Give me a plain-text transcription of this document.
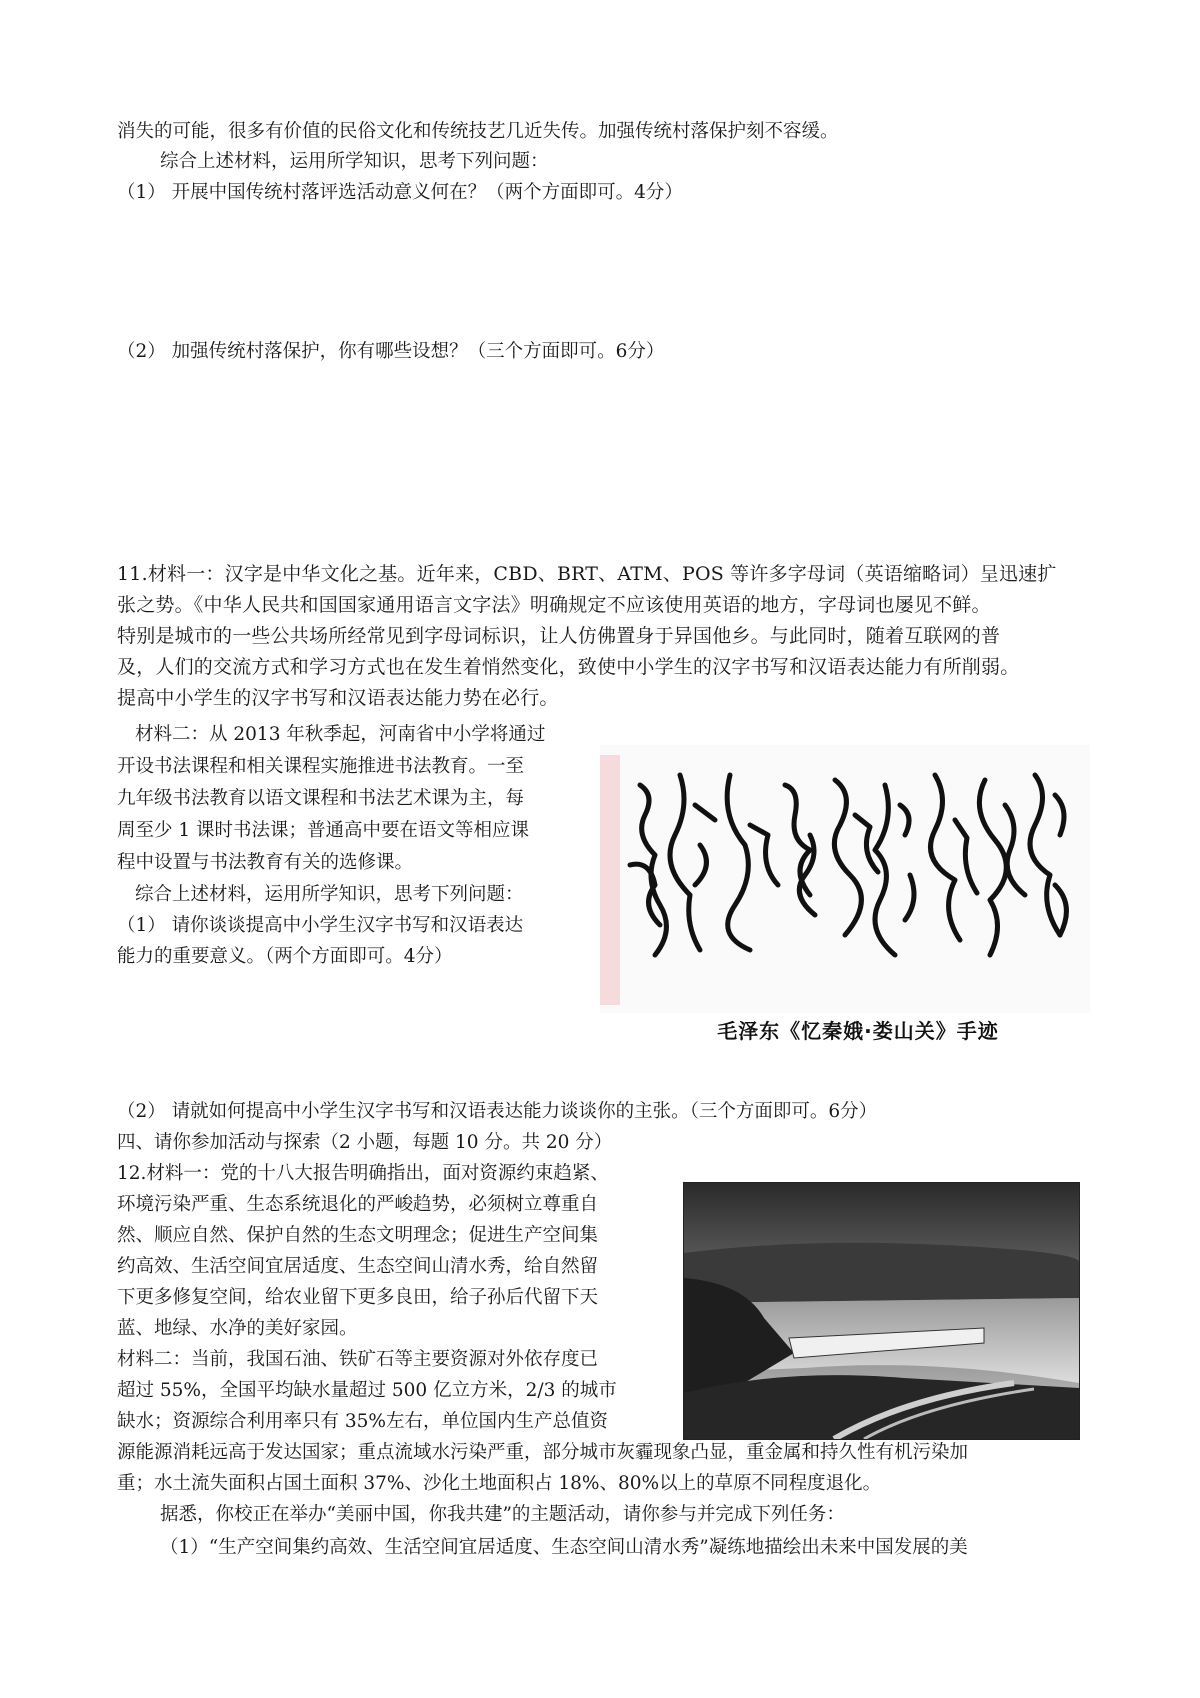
消失的可能，很多有价值的民俗文化和传统技艺几近失传。加强传统村落保护刻不容缓。
综合上述材料，运用所学知识，思考下列问题：
（1） 开展中国传统村落评选活动意义何在？（两个方面即可。4分）
（2） 加强传统村落保护，你有哪些设想？（三个方面即可。6分）
11.材料一：汉字是中华文化之基。近年来，CBD、BRT、ATM、POS 等许多字母词（英语缩略词）呈迅速扩
张之势。《中华人民共和国国家通用语言文字法》明确规定不应该使用英语的地方，字母词也屡见不鲜。
特别是城市的一些公共场所经常见到字母词标识，让人仿佛置身于异国他乡。与此同时，随着互联网的普
及，人们的交流方式和学习方式也在发生着悄然变化，致使中小学生的汉字书写和汉语表达能力有所削弱。
提高中小学生的汉字书写和汉语表达能力势在必行。
材料二：从 2013 年秋季起，河南省中小学将通过
开设书法课程和相关课程实施推进书法教育。一至
九年级书法教育以语文课程和书法艺术课为主，每
周至少 1 课时书法课；普通高中要在语文等相应课
程中设置与书法教育有关的选修课。
综合上述材料，运用所学知识，思考下列问题：
（1） 请你谈谈提高中小学生汉字书写和汉语表达
能力的重要意义。（两个方面即可。4分）
毛泽东《忆秦娥·娄山关》手迹
（2） 请就如何提高中小学生汉字书写和汉语表达能力谈谈你的主张。（三个方面即可。6分）
四、请你参加活动与探索（2 小题，每题 10 分。共 20 分）
12.材料一：党的十八大报告明确指出，面对资源约束趋紧、
环境污染严重、生态系统退化的严峻趋势，必须树立尊重自
然、顺应自然、保护自然的生态文明理念；促进生产空间集
约高效、生活空间宜居适度、生态空间山清水秀，给自然留
下更多修复空间，给农业留下更多良田，给子孙后代留下天
蓝、地绿、水净的美好家园。
材料二：当前，我国石油、铁矿石等主要资源对外依存度已
超过 55%，全国平均缺水量超过 500 亿立方米，2/3 的城市
缺水；资源综合利用率只有 35%左右，单位国内生产总值资
源能源消耗远高于发达国家；重点流域水污染严重，部分城市灰霾现象凸显，重金属和持久性有机污染加
重；水土流失面积占国土面积 37%、沙化土地面积占 18%、80%以上的草原不同程度退化。
据悉，你校正在举办“美丽中国，你我共建”的主题活动，请你参与并完成下列任务：
（1）“生产空间集约高效、生活空间宜居适度、生态空间山清水秀”凝练地描绘出未来中国发展的美
